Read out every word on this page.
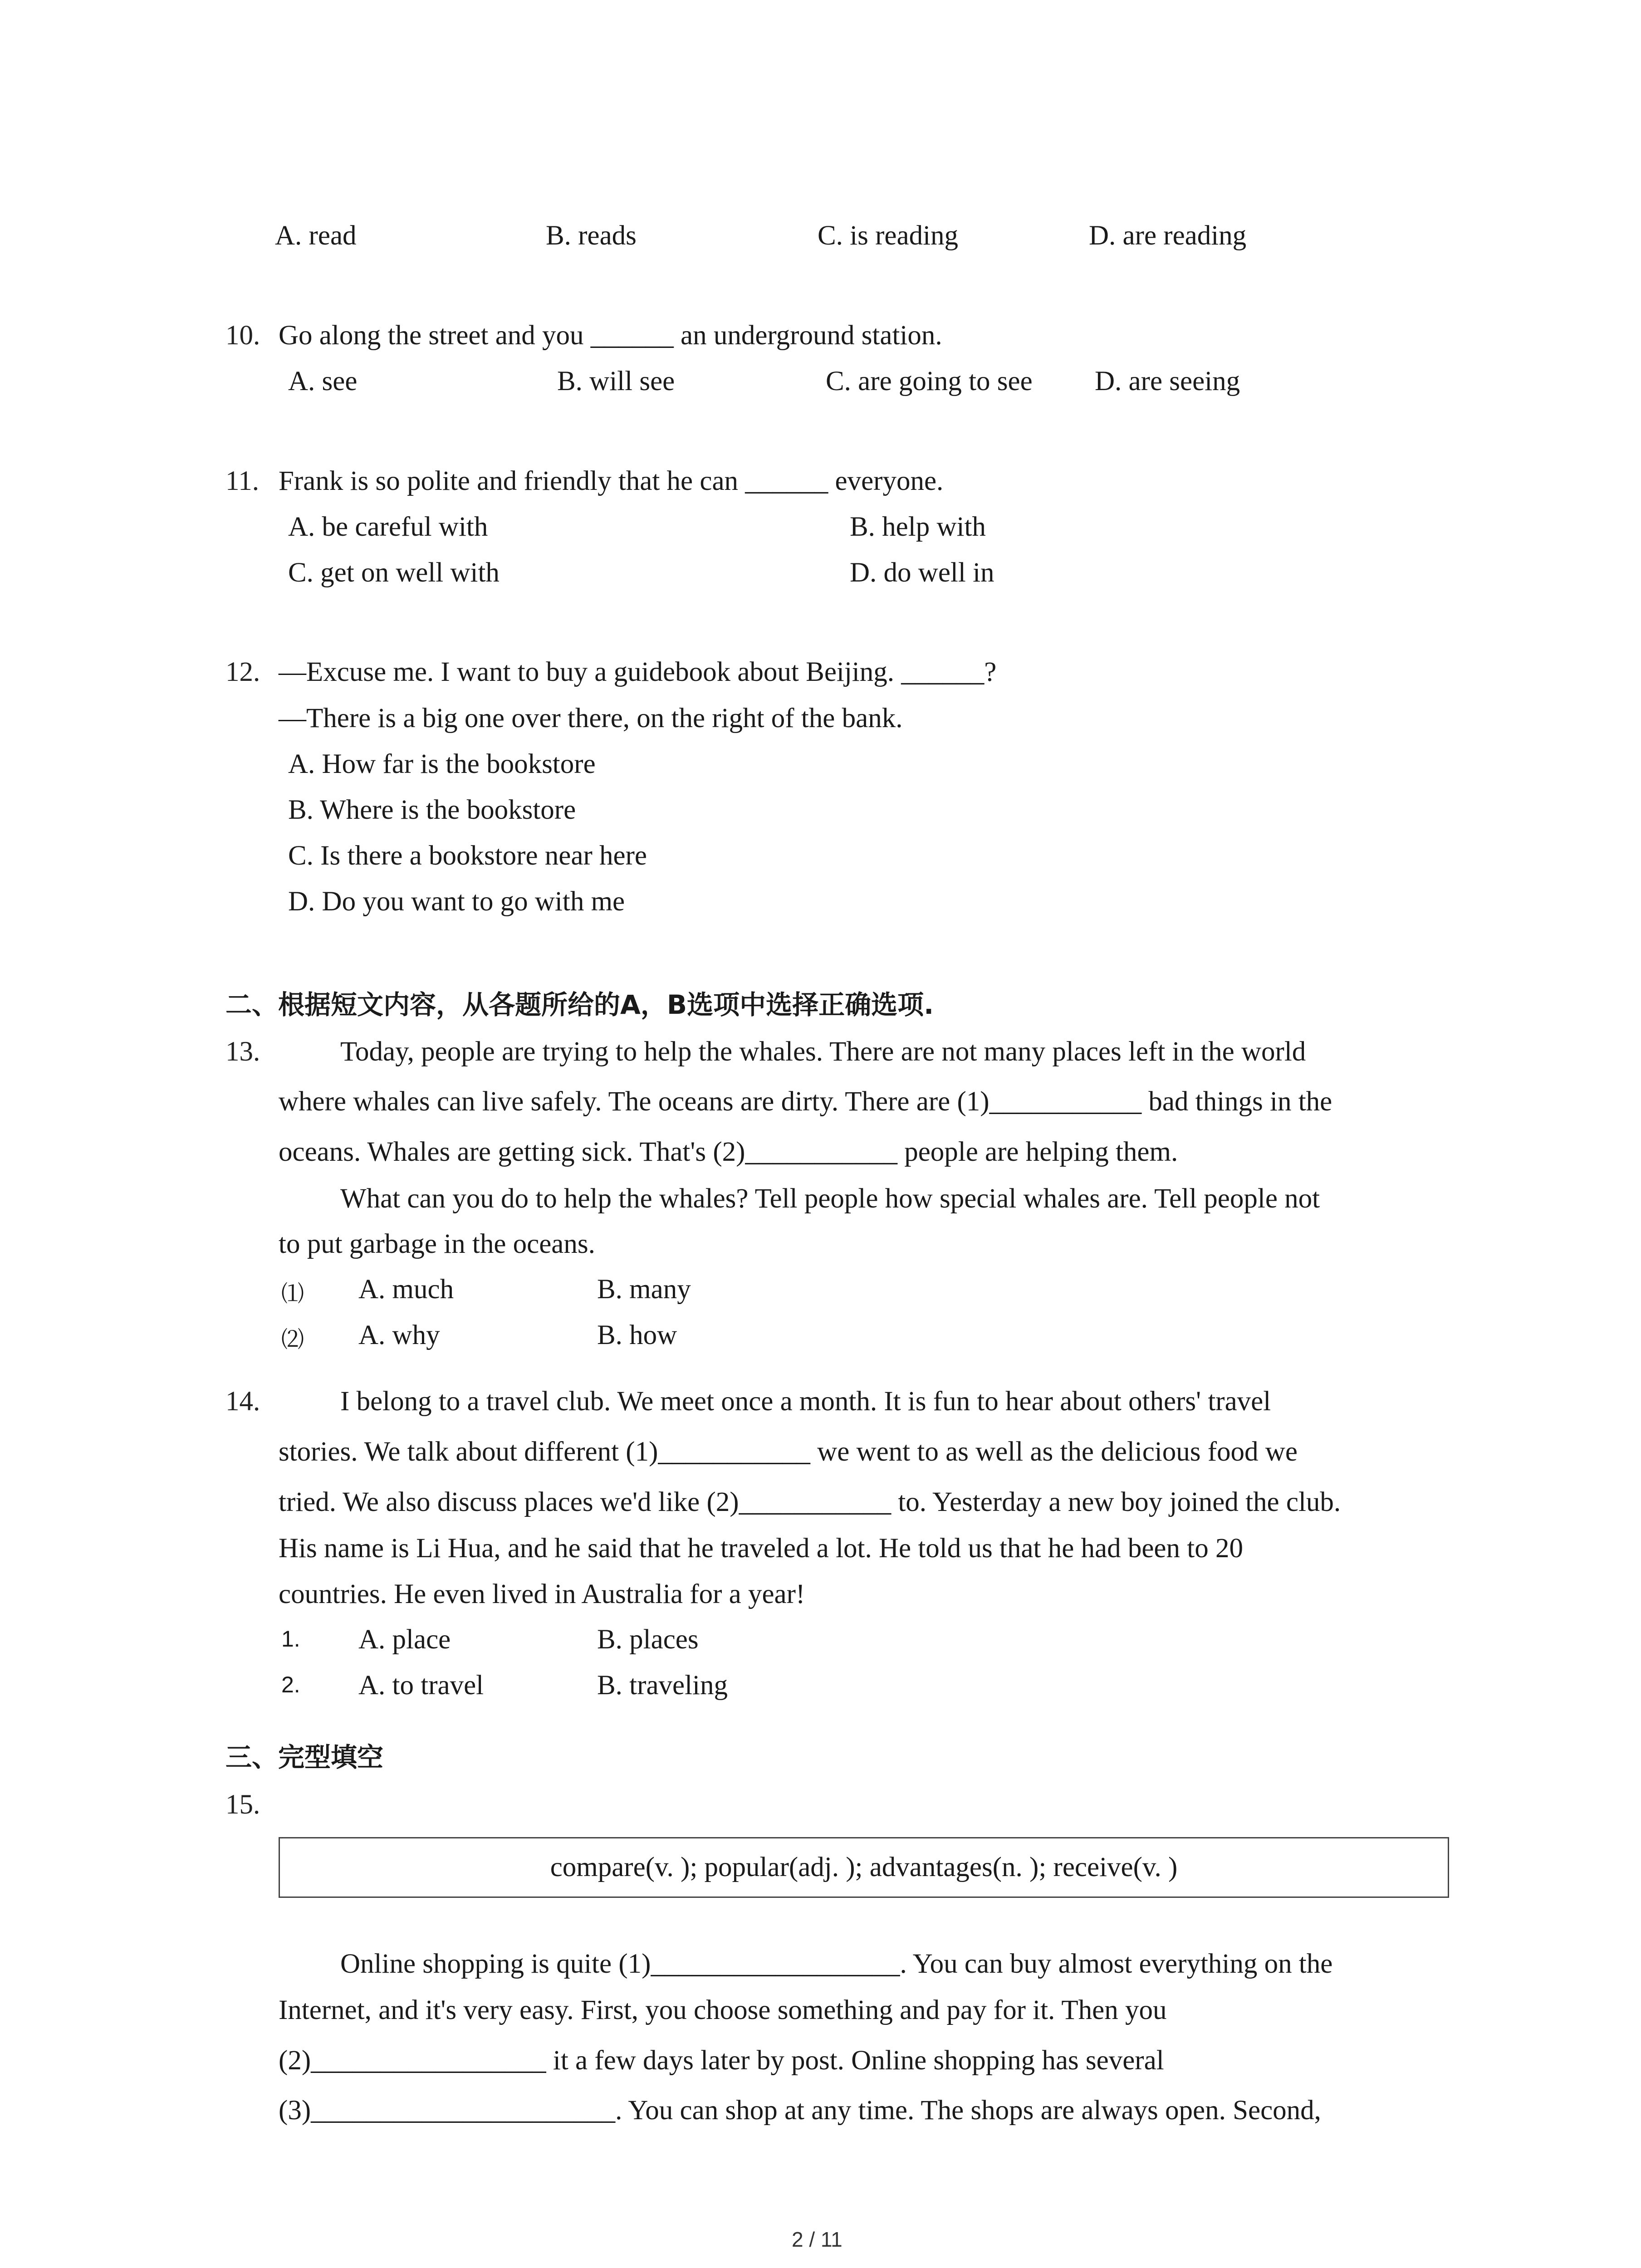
A. read	B. reads	C. is reading	D. are reading
10. Go along the street and you ______ an underground station.
A. see	B. will see	C. are going to see D. are seeing
11. Frank is so polite and friendly that he can ______ everyone.
A. be careful with	B. help with
C. get on well with	D. do well in
12. —Excuse me. I want to buy a guidebook about Beijing. ______?
—There is a big one over there, on the right of the bank.
A. How far is the bookstore
B. Where is the bookstore
C. Is there a bookstore near here
D. Do you want to go with me
二、根据短文内容，从各题所给的A，B选项中选择正确选项.
13.	Today, people are trying to help the whales. There are not many places left in the world
where whales can live safely. The oceans are dirty. There are (1)___________ bad things in the
oceans. Whales are getting sick. That's (2)___________ people are helping them.
What can you do to help the whales? Tell people how special whales are. Tell people not
to put garbage in the oceans.
⑴ A. much	B. many
⑵ A. why	B. how
14.	I belong to a travel club. We meet once a month. It is fun to hear about others' travel
stories. We talk about different (1)___________ we went to as well as the delicious food we
tried. We also discuss places we'd like (2)___________ to. Yesterday a new boy joined the club.
His name is Li Hua, and he said that he traveled a lot. He told us that he had been to 20
countries. He even lived in Australia for a year!
1. A. place	B. places
2. A. to travel	B. traveling
三、完型填空
15.
compare(v. ); popular(adj. ); advantages(n. ); receive(v. )
Online shopping is quite (1)__________________. You can buy almost everything on the
Internet, and it's very easy. First, you choose something and pay for it. Then you
(2)_________________ it a few days later by post. Online shopping has several
(3)______________________. You can shop at any time. The shops are always open. Second,
2 / 11
